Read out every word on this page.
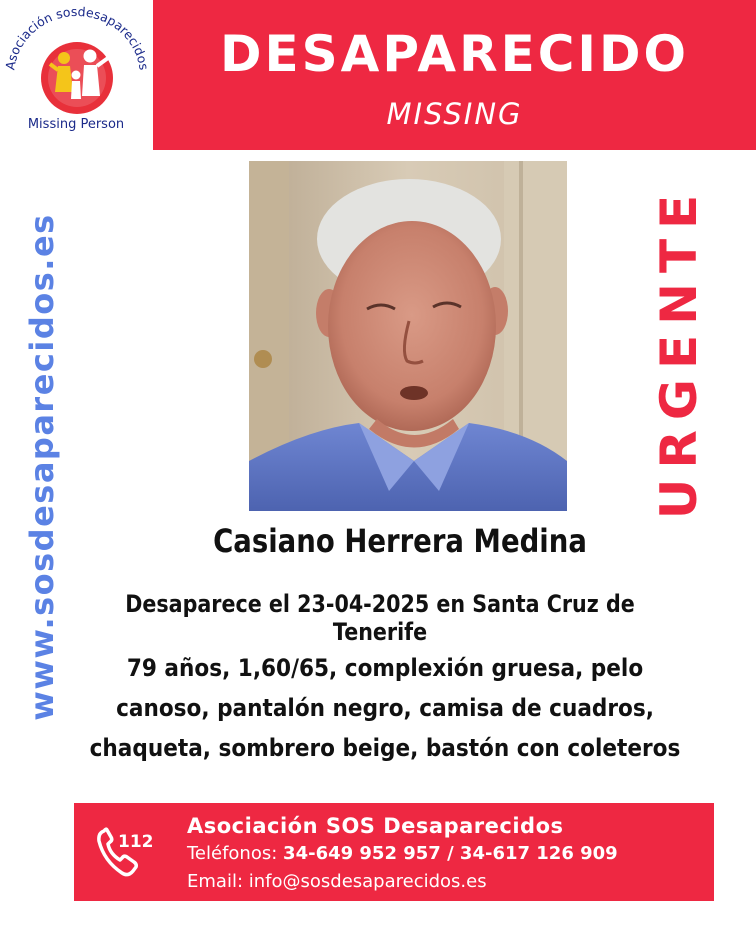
Asociación sosdesaparecidos
Missing Person
DESAPARECIDO
MISSING
www.sosdesaparecidos.es	URGENTE
Casiano Herrera Medina
Desaparece el 23-04-2025 en Santa Cruz de Tenerife
79 años, 1,60/65, complexión gruesa, pelo
canoso, pantalón negro, camisa de cuadros,
chaqueta, sombrero beige, bastón con coleteros
112
Asociación SOS Desaparecidos
Teléfonos: 34-649 952 957 / 34-617 126 909
Email: info@sosdesaparecidos.es
